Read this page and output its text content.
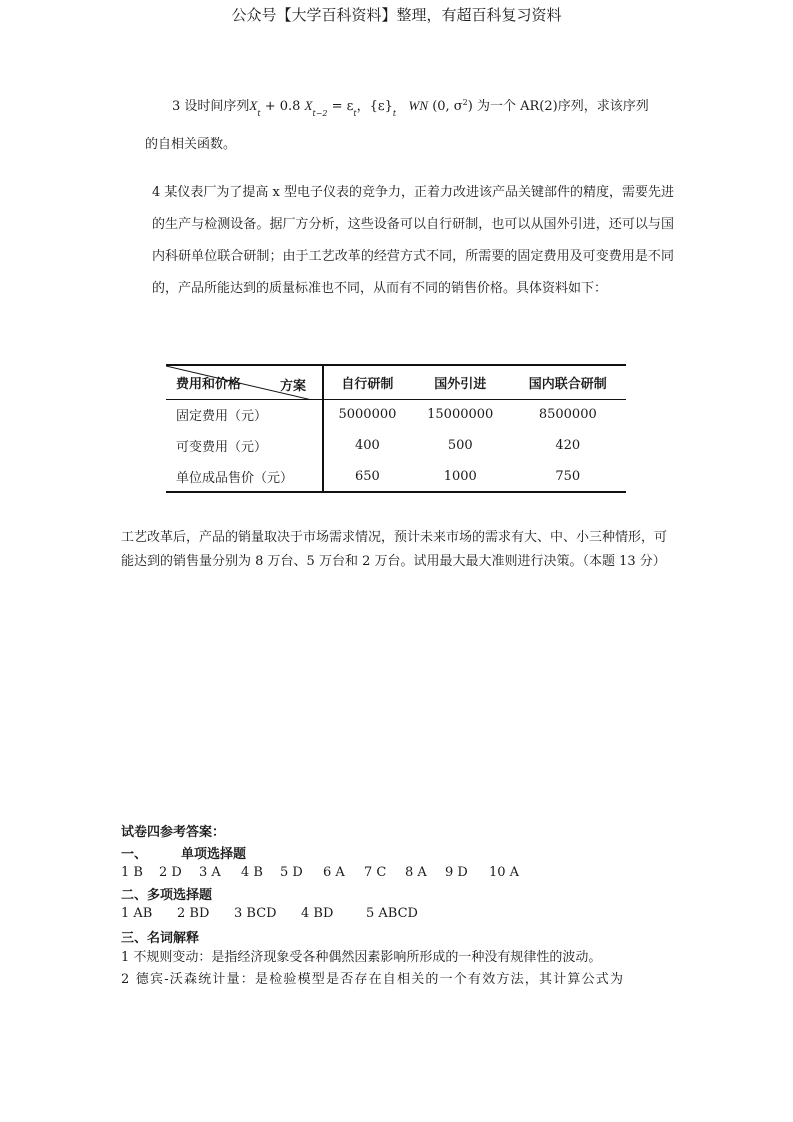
公众号【大学百科资料】整理，有超百科复习资料
3 设时间序列$X_t + 0.8$ $X_{t-2} = \varepsilon_t$，$\{\varepsilon\}_t$   WN (0, $\sigma^2$) 为一个 AR(2)序列，求该序列
的自相关函数。
4 某仪表厂为了提高 x 型电子仪表的竞争力，正着力改进该产品关键部件的精度，需要先进的生产与检测设备。据厂方分析，这些设备可以自行研制，也可以从国外引进，还可以与国内科研单位联合研制；由于工艺改革的经营方式不同，所需要的固定费用及可变费用是不同的，产品所能达到的质量标准也不同，从而有不同的销售价格。具体资料如下：
费用和价格 方案	自行研制	国外引进	国内联合研制
固定费用（元）	5000000	15000000	8500000
可变费用（元）	400	500	420
单位成品售价（元）	650	1000	750
工艺改革后，产品的销量取决于市场需求情况，预计未来市场的需求有大、中、小三种情形，可能达到的销售量分别为 8 万台、5 万台和 2 万台。试用最大最大准则进行决策。（本题 13 分）
试卷四参考答案：
一、	单项选择题
1 B 2 D 3 A 4 B 5 D 6 A 7 C 8 A 9 D 10 A
二、多项选择题
1 AB 2 BD 3 BCD 4 BD	5 ABCD
三、名词解释
1 不规则变动：是指经济现象受各种偶然因素影响所形成的一种没有规律性的波动。
2 德宾-沃森统计量：是检验模型是否存在自相关的一个有效方法，其计算公式为
